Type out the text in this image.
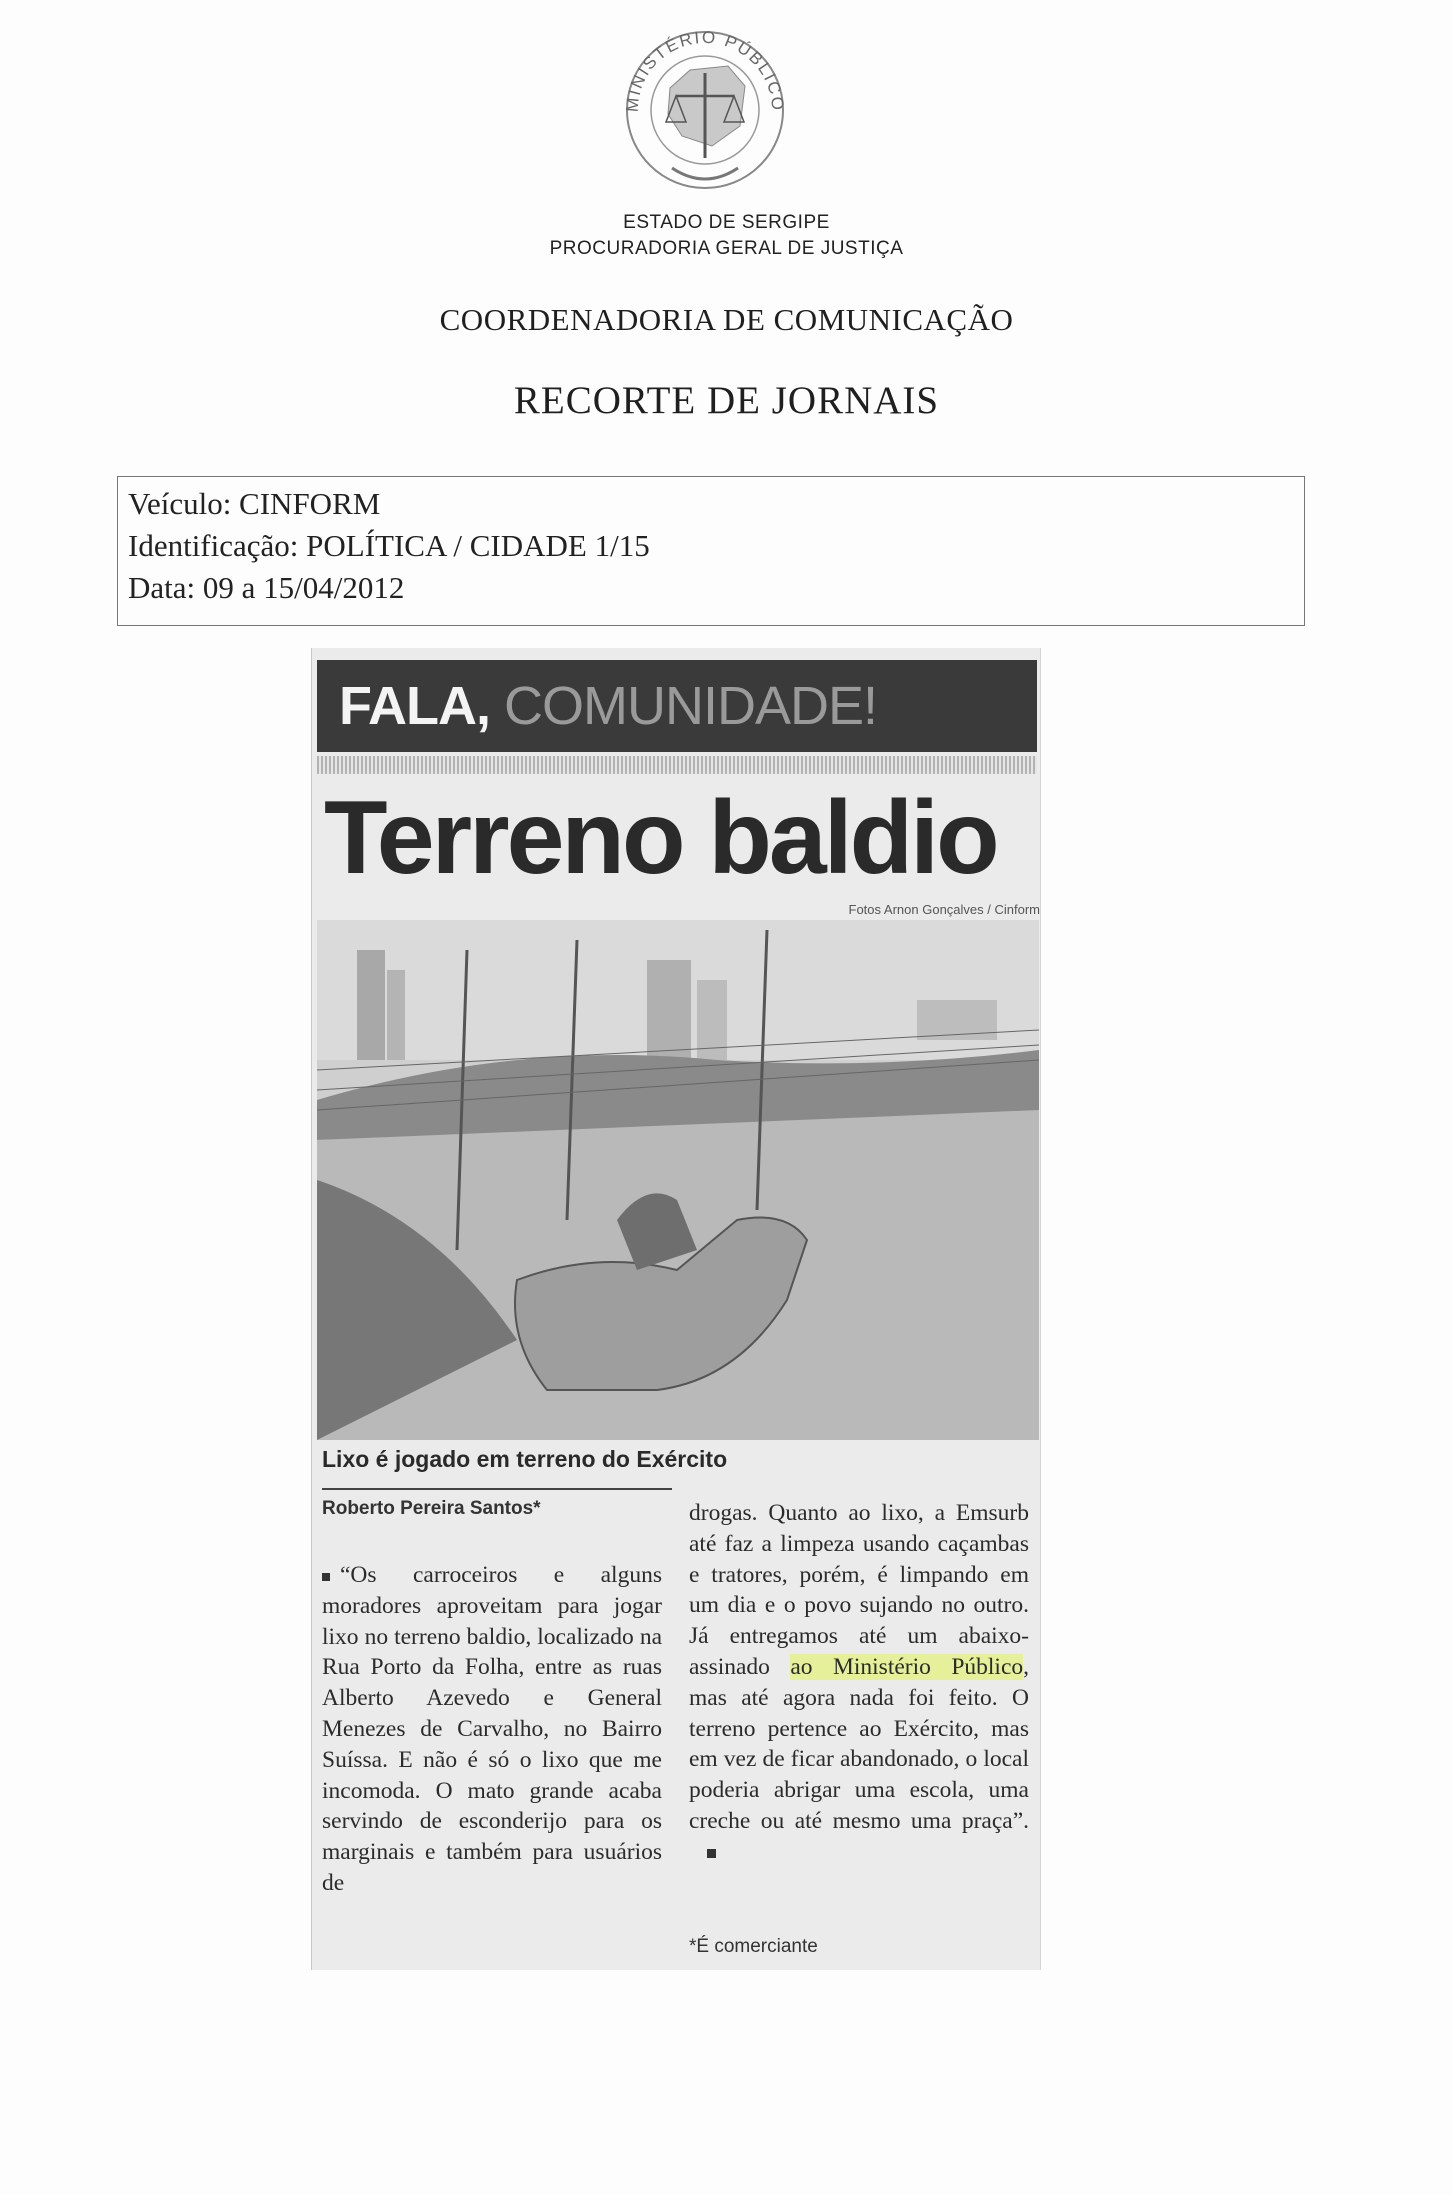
MINISTÉRIO PÚBLICO
ESTADO DE SERGIPE
PROCURADORIA GERAL DE JUSTIÇA
COORDENADORIA DE COMUNICAÇÃO
RECORTE DE JORNAIS
Veículo: CINFORM
Identificação: POLÍTICA / CIDADE 1/15
Data: 09 a 15/04/2012
FALA, COMUNIDADE!
Terreno baldio
Fotos Arnon Gonçalves / Cinform
Lixo é jogado em terreno do Exército
Roberto Pereira Santos*
“Os carroceiros e alguns moradores aproveitam para jogar lixo no terreno baldio, localizado na Rua Porto da Folha, entre as ruas Alberto Azevedo e General Menezes de Carvalho, no Bairro Suíssa. E não é só o lixo que me incomoda. O mato grande acaba servindo de esconderijo para os marginais e também para usuários de
drogas. Quanto ao lixo, a Emsurb até faz a limpeza usando caçambas e tratores, porém, é limpando em um dia e o povo sujando no outro. Já entregamos até um abaixo-assinado ao Ministério Público, mas até agora nada foi feito. O terreno pertence ao Exército, mas em vez de ficar abandonado, o local poderia abrigar uma escola, uma creche ou até mesmo uma praça”.
*É comerciante
